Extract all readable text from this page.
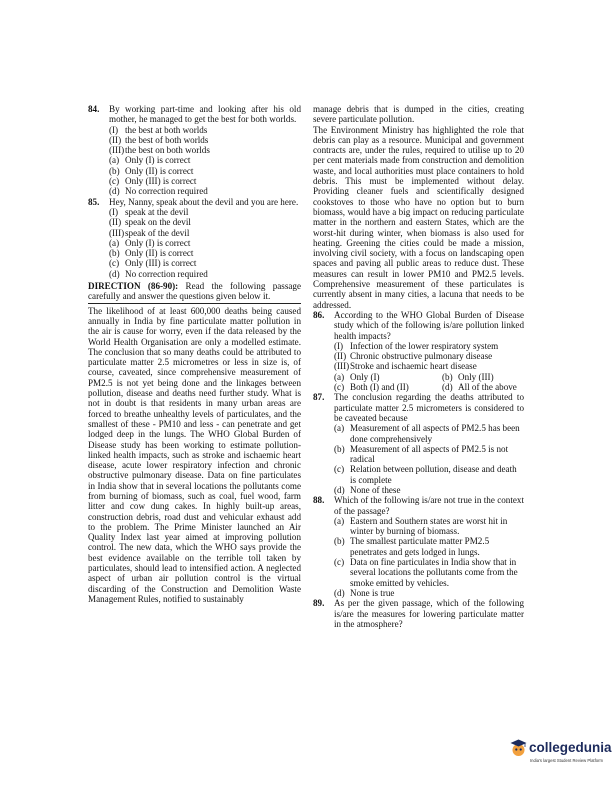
84. By working part-time and looking after his old mother, he managed to get the best for both worlds.
(I) the best at both worlds
(II) the best of both worlds
(III)the best on both worlds
(a) Only (I) is correct
(b) Only (II) is correct
(c) Only (III) is correct
(d) No correction required
85. Hey, Nanny, speak about the devil and you are here.
(I) speak at the devil
(II) speak on the devil
(III)speak of the devil
(a) Only (I) is correct
(b) Only (II) is correct
(c) Only (III) is correct
(d) No correction required
DIRECTION (86-90): Read the following passage carefully and answer the questions given below it.
The likelihood of at least 600,000 deaths being caused annually in India by fine particulate matter pollution in the air is cause for worry, even if the data released by the World Health Organisation are only a modelled estimate. The conclusion that so many deaths could be attributed to particulate matter 2.5 micrometres or less in size is, of course, caveated, since comprehensive measurement of PM2.5 is not yet being done and the linkages between pollution, disease and deaths need further study. What is not in doubt is that residents in many urban areas are forced to breathe unhealthy levels of particulates, and the smallest of these - PM10 and less - can penetrate and get lodged deep in the lungs. The WHO Global Burden of Disease study has been working to estimate pollution-linked health impacts, such as stroke and ischaemic heart disease, acute lower respiratory infection and chronic obstructive pulmonary disease. Data on fine particulates in India show that in several locations the pollutants come from burning of biomass, such as coal, fuel wood, farm litter and cow dung cakes. In highly built-up areas, construction debris, road dust and vehicular exhaust add to the problem. The Prime Minister launched an Air Quality Index last year aimed at improving pollution control. The new data, which the WHO says provide the best evidence available on the terrible toll taken by particulates, should lead to intensified action. A neglected aspect of urban air pollution control is the virtual discarding of the Construction and Demolition Waste Management Rules, notified to sustainably
manage debris that is dumped in the cities, creating severe particulate pollution.
The Environment Ministry has highlighted the role that debris can play as a resource. Municipal and government contracts are, under the rules, required to utilise up to 20 per cent materials made from construction and demolition waste, and local authorities must place containers to hold debris. This must be implemented without delay. Providing cleaner fuels and scientifically designed cookstoves to those who have no option but to burn biomass, would have a big impact on reducing particulate matter in the northern and eastern States, which are the worst-hit during winter, when biomass is also used for heating. Greening the cities could be made a mission, involving civil society, with a focus on landscaping open spaces and paving all public areas to reduce dust. These measures can result in lower PM10 and PM2.5 levels. Comprehensive measurement of these particulates is currently absent in many cities, a lacuna that needs to be addressed.
86. According to the WHO Global Burden of Disease study which of the following is/are pollution linked health impacts?
(I) Infection of the lower respiratory system
(II) Chronic obstructive pulmonary disease
(III)Stroke and ischaemic heart disease
(a) Only (I)	(b) Only (III)
(c) Both (I) and (II)	(d) All of the above
87. The conclusion regarding the deaths attributed to particulate matter 2.5 micrometers is considered to be caveated because
(a) Measurement of all aspects of PM2.5 has been done comprehensively
(b) Measurement of all aspects of PM2.5 is not radical
(c) Relation between pollution, disease and death is complete
(d) None of these
88. Which of the following is/are not true in the context of the passage?
(a) Eastern and Southern states are worst hit in winter by burning of biomass.
(b) The smallest particulate matter PM2.5 penetrates and gets lodged in lungs.
(c) Data on fine particulates in India show that in several locations the pollutants come from the smoke emitted by vehicles.
(d) None is true
89. As per the given passage, which of the following is/are the measures for lowering particulate matter in the atmosphere?
collegedunia
India's largest Student Review Platform
